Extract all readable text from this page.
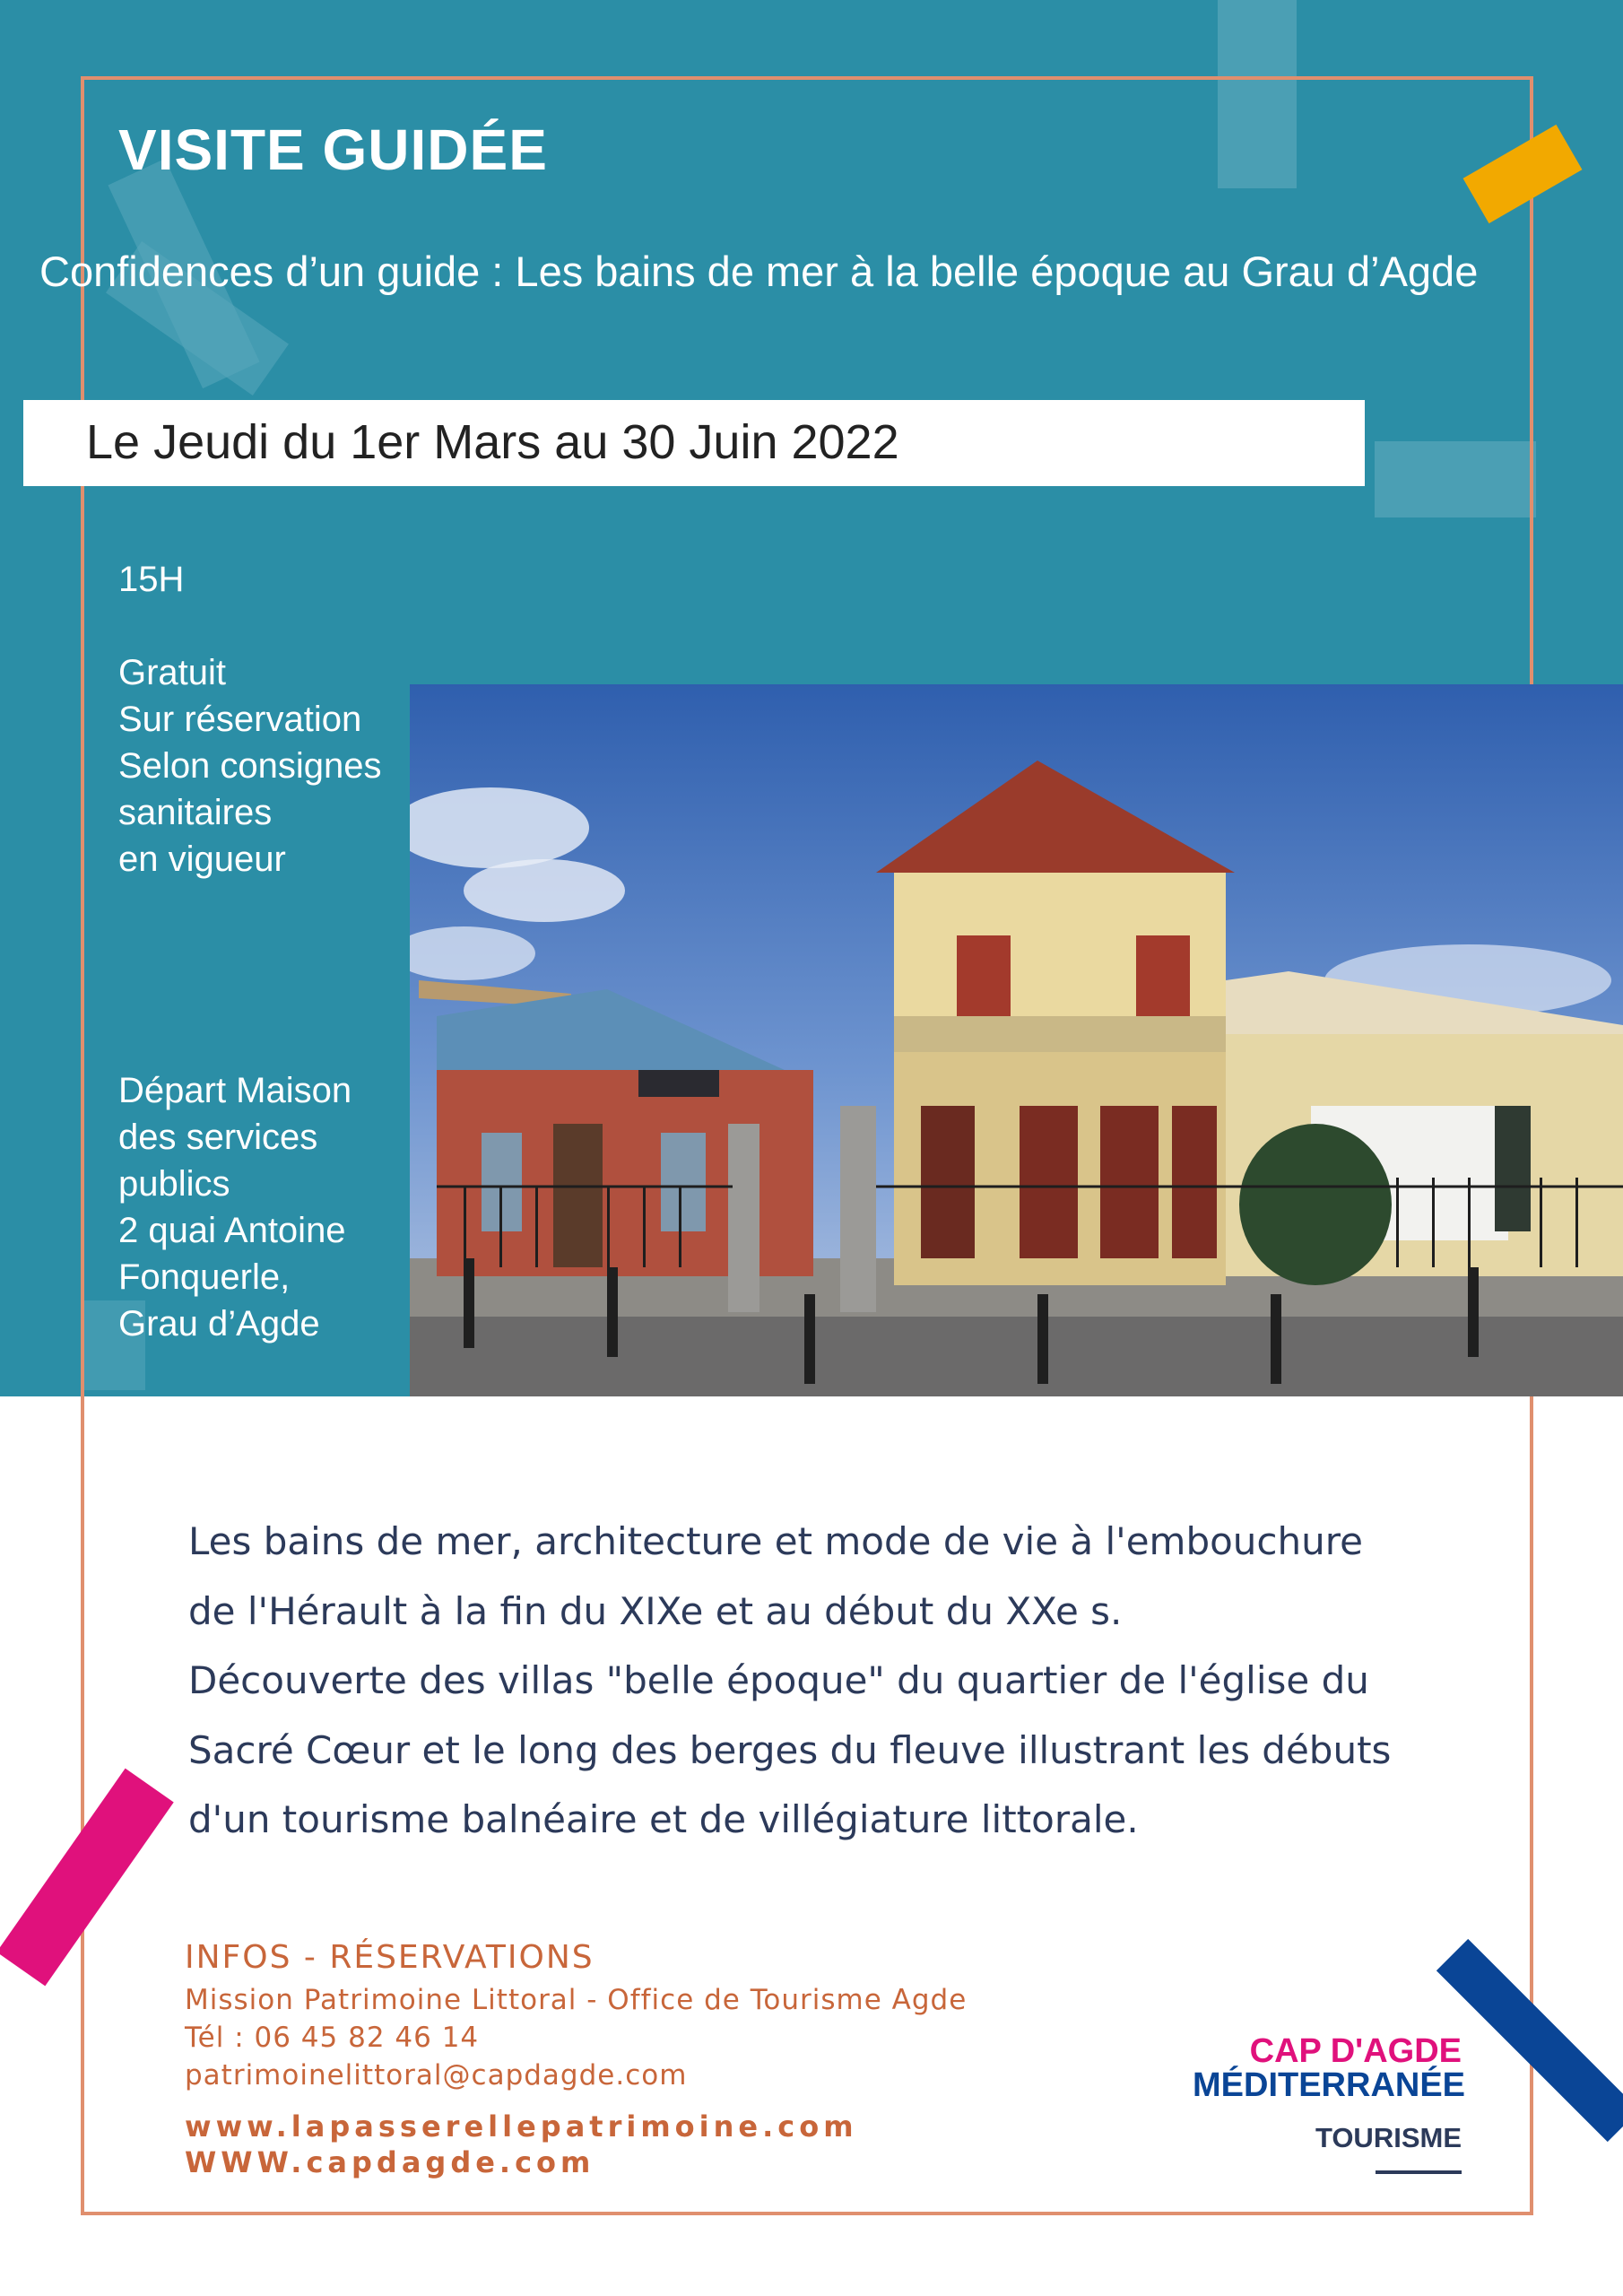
VISITE GUIDÉE
Confidences d’un guide : Les bains de mer à la belle époque au Grau d’Agde
Le Jeudi du 1er Mars au 30 Juin 2022
15H
Gratuit
Sur réservation
Selon consignes
sanitaires
en vigueur
Départ Maison
des services
publics
2 quai Antoine
Fonquerle,
Grau d’Agde

Les bains de mer, architecture et mode de vie à l'embouchure

de l'Hérault à la fin du XIXe et au début du XXe s.

Découverte des villas "belle époque" du quartier de l'église du

Sacré Cœur et le long des berges du fleuve illustrant les débuts

d'un tourisme balnéaire et de villégiature littorale.

INFOS - RÉSERVATIONS
Mission Patrimoine Littoral - Office de Tourisme Agde
Tél : 06 45 82 46 14
patrimoinelittoral@capdagde.com
www.lapasserellepatrimoine.com
WWW.capdagde.com
CAP D'AGDE
MÉDITERRANÉE
TOURISME
